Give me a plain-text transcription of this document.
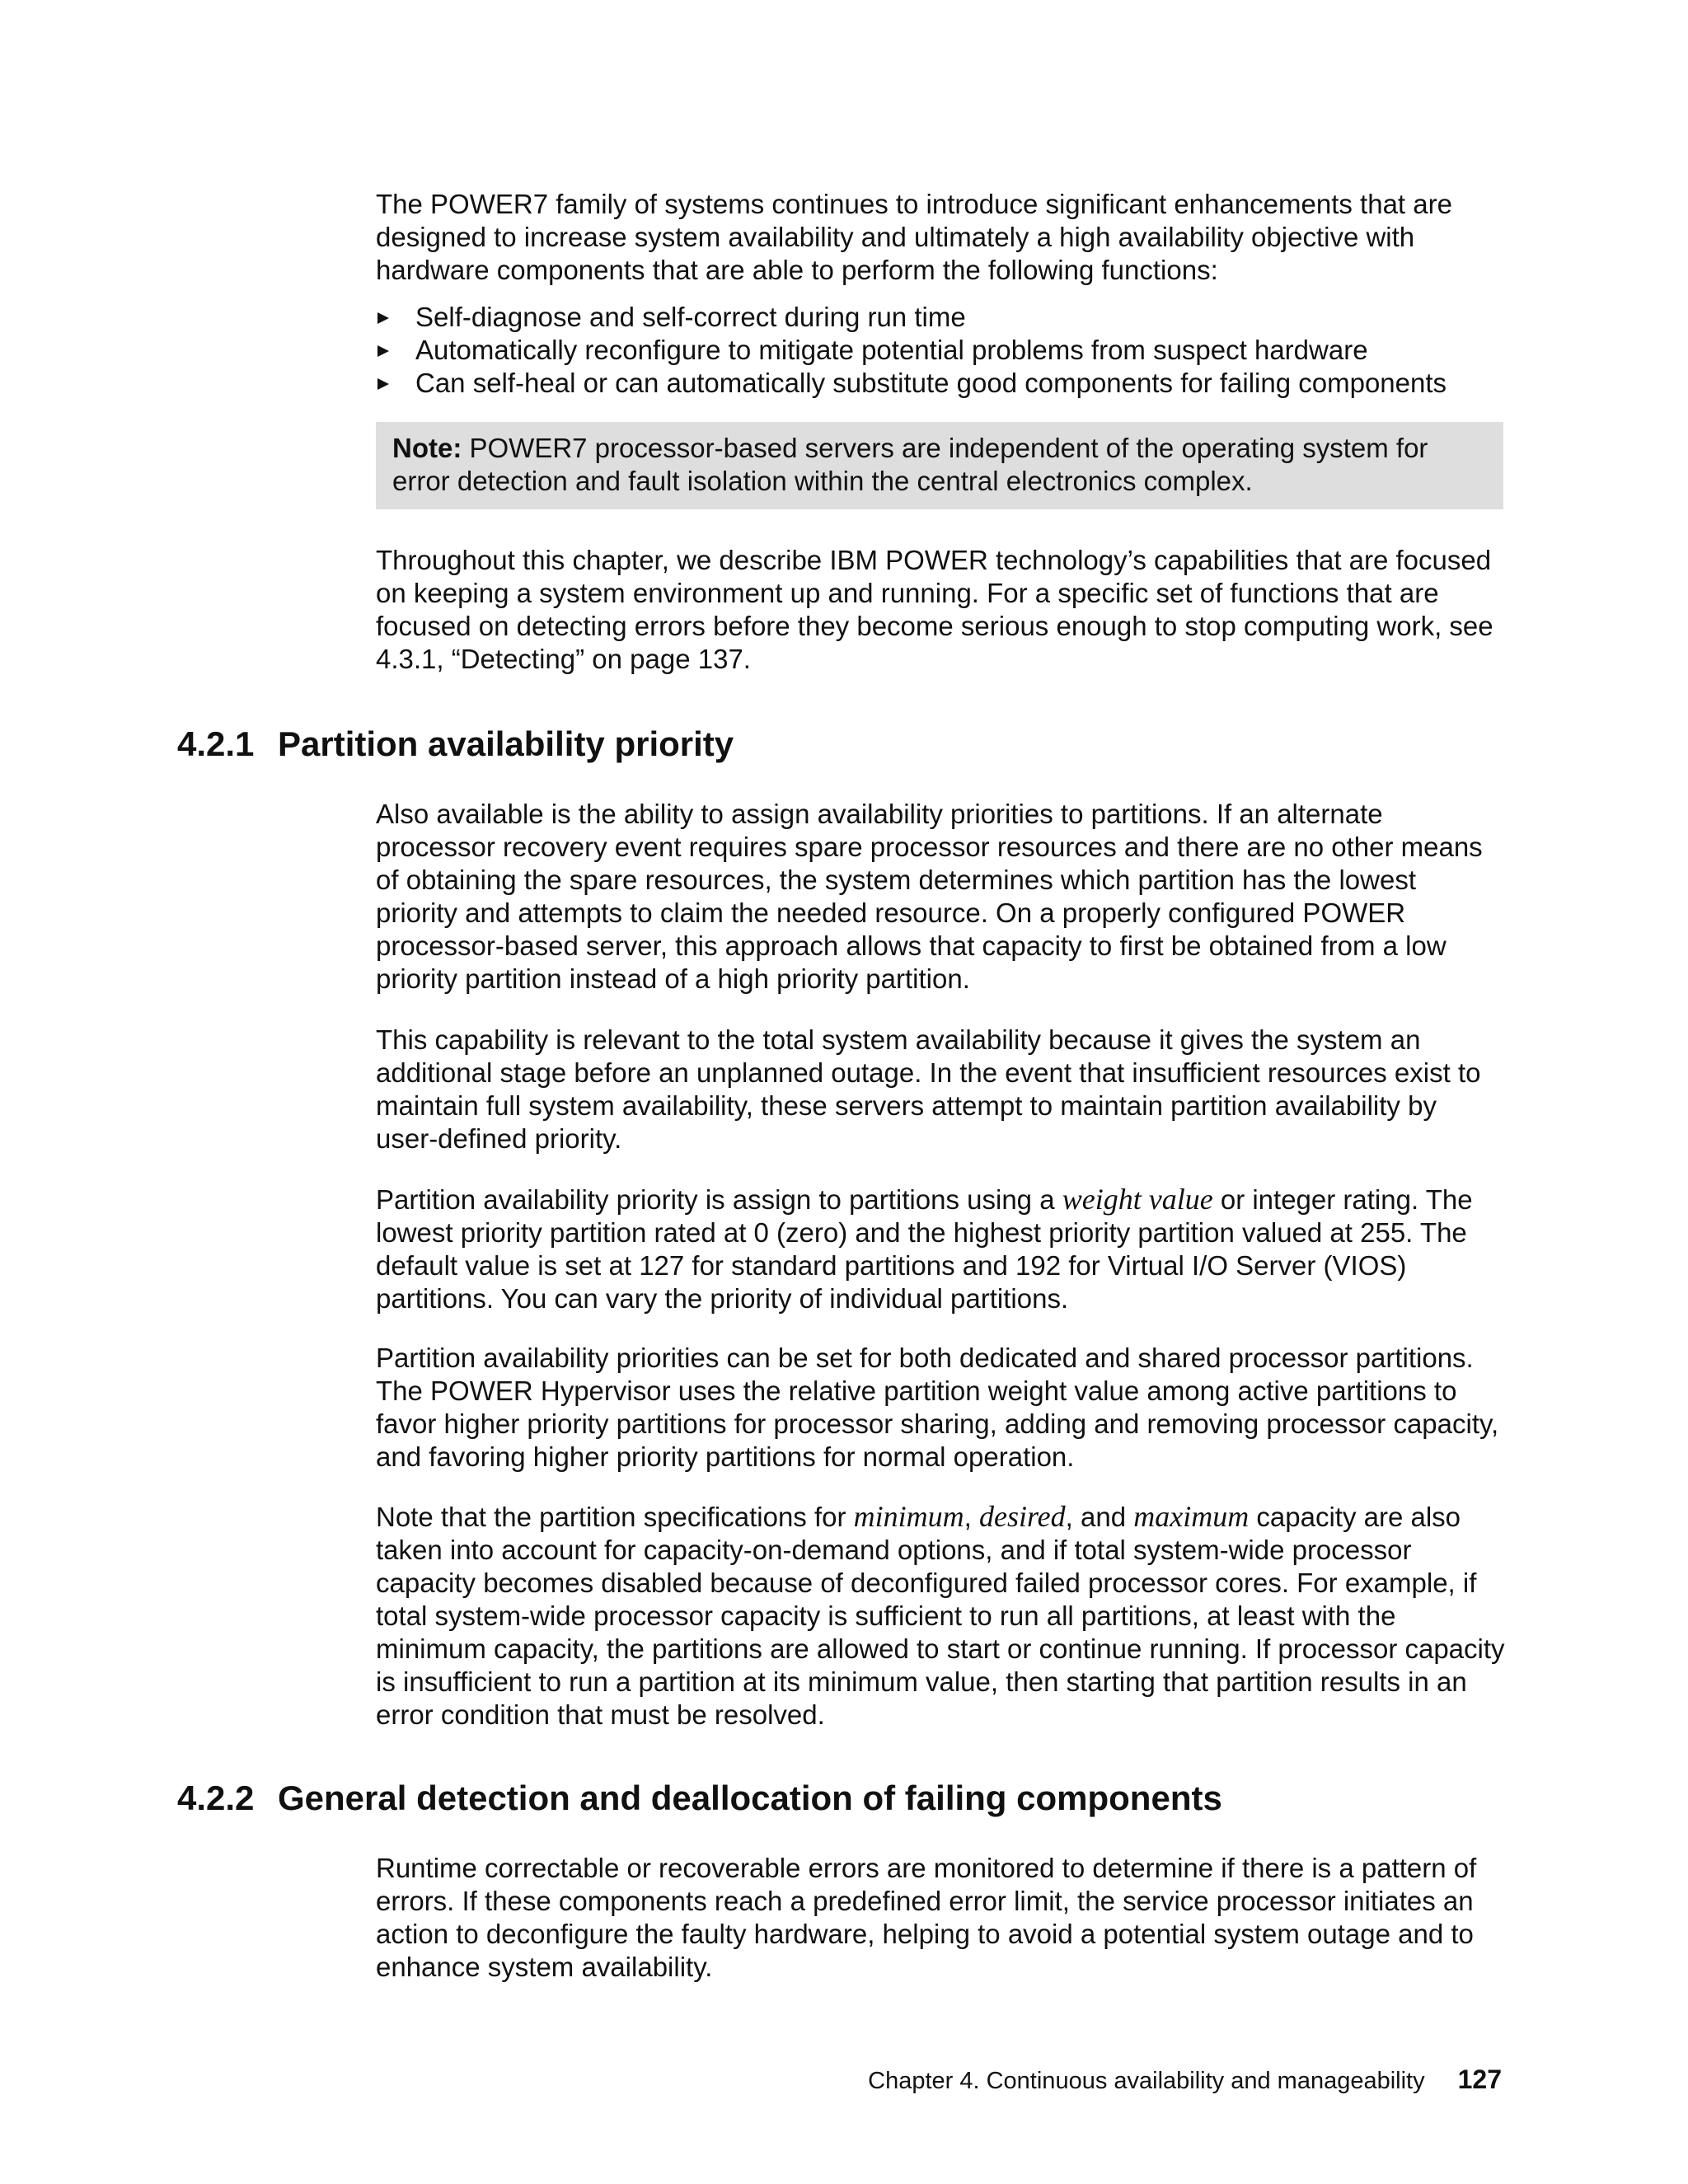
The POWER7 family of systems continues to introduce significant enhancements that are designed to increase system availability and ultimately a high availability objective with hardware components that are able to perform the following functions:

Self-diagnose and self-correct during run time
Automatically reconfigure to mitigate potential problems from suspect hardware
Can self-heal or can automatically substitute good components for failing components

Note: POWER7 processor-based servers are independent of the operating system for error detection and fault isolation within the central electronics complex.

Throughout this chapter, we describe IBM POWER technology’s capabilities that are focused on keeping a system environment up and running. For a specific set of functions that are focused on detecting errors before they become serious enough to stop computing work, see 4.3.1, “Detecting” on page 137.

4.2.1 Partition availability priority

Also available is the ability to assign availability priorities to partitions. If an alternate processor recovery event requires spare processor resources and there are no other means of obtaining the spare resources, the system determines which partition has the lowest priority and attempts to claim the needed resource. On a properly configured POWER processor-based server, this approach allows that capacity to first be obtained from a low priority partition instead of a high priority partition.

This capability is relevant to the total system availability because it gives the system an additional stage before an unplanned outage. In the event that insufficient resources exist to maintain full system availability, these servers attempt to maintain partition availability by user-defined priority.

Partition availability priority is assign to partitions using a weight value or integer rating. The lowest priority partition rated at 0 (zero) and the highest priority partition valued at 255. The default value is set at 127 for standard partitions and 192 for Virtual I/O Server (VIOS) partitions. You can vary the priority of individual partitions.

Partition availability priorities can be set for both dedicated and shared processor partitions. The POWER Hypervisor uses the relative partition weight value among active partitions to favor higher priority partitions for processor sharing, adding and removing processor capacity, and favoring higher priority partitions for normal operation.

Note that the partition specifications for minimum, desired, and maximum capacity are also taken into account for capacity-on-demand options, and if total system-wide processor capacity becomes disabled because of deconfigured failed processor cores. For example, if total system-wide processor capacity is sufficient to run all partitions, at least with the minimum capacity, the partitions are allowed to start or continue running. If processor capacity is insufficient to run a partition at its minimum value, then starting that partition results in an error condition that must be resolved.

4.2.2 General detection and deallocation of failing components

Runtime correctable or recoverable errors are monitored to determine if there is a pattern of errors. If these components reach a predefined error limit, the service processor initiates an action to deconfigure the faulty hardware, helping to avoid a potential system outage and to enhance system availability.

Chapter 4. Continuous availability and manageability 127
